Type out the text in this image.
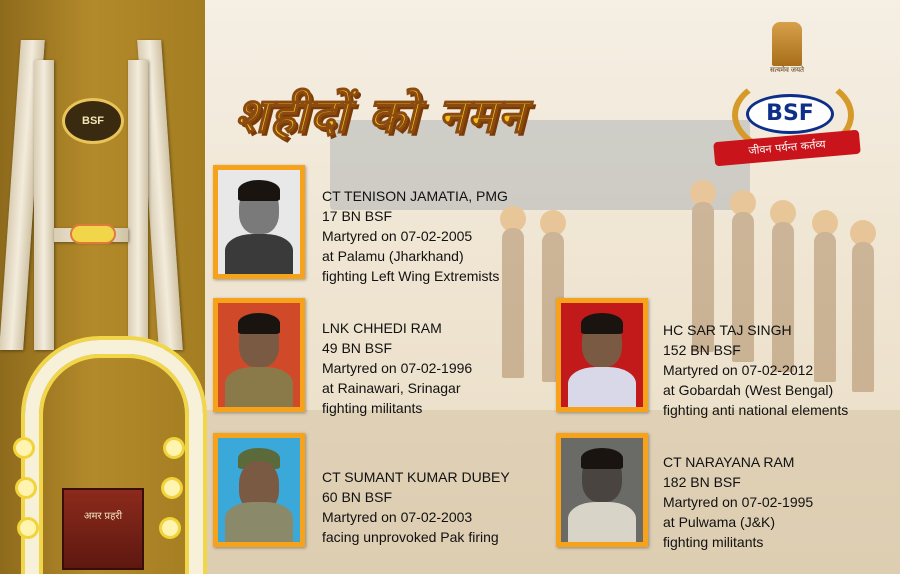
BSF
अमर प्रहरी
शहीदों को नमन
सत्यमेव जयते
BSF
जीवन पर्यन्त कर्तव्य
CT TENISON JAMATIA, PMG
17 BN BSF
Martyred on 07-02-2005
at Palamu (Jharkhand)
fighting Left Wing Extremists
LNK CHHEDI RAM
49 BN BSF
Martyred on 07-02-1996
at Rainawari, Srinagar
fighting militants
CT SUMANT KUMAR DUBEY
60 BN BSF
Martyred on 07-02-2003
facing unprovoked Pak firing
HC SAR TAJ SINGH
152 BN BSF
Martyred on 07-02-2012
at Gobardah (West Bengal)
fighting anti national elements
CT NARAYANA RAM
182 BN BSF
Martyred on 07-02-1995
at Pulwama (J&K)
fighting militants
